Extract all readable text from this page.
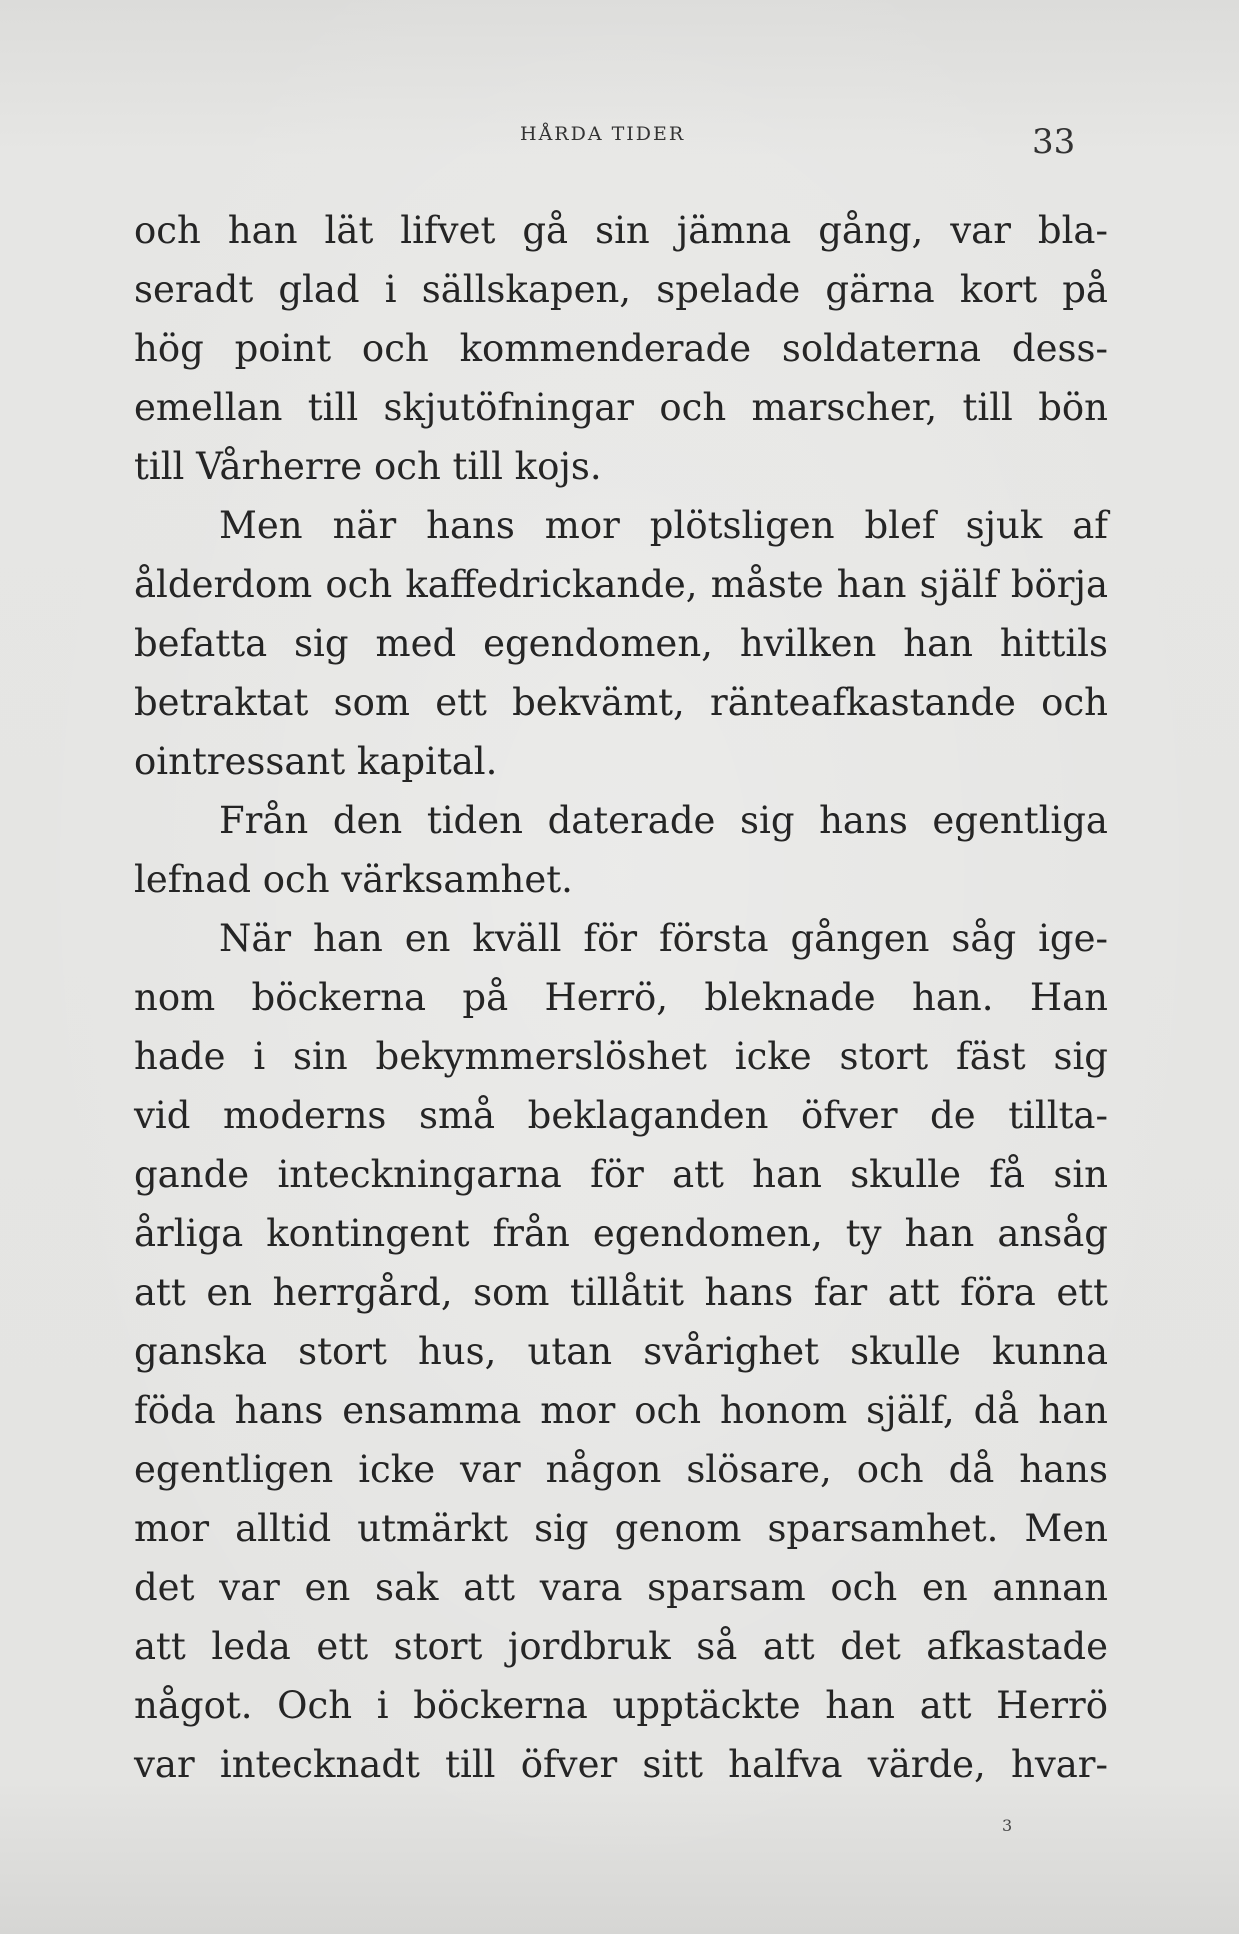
HÅRDA TIDER	33
och han lät lifvet gå sin jämna gång, var bla-
seradt glad i sällskapen, spelade gärna kort på
hög point och kommenderade soldaterna dess-
emellan till skjutöfningar och marscher, till bön
till Vårherre och till kojs.
Men när hans mor plötsligen blef sjuk af
ålderdom och kaffedrickande, måste han själf börja
befatta sig med egendomen, hvilken han hittils
betraktat som ett bekvämt, ränteafkastande och
ointressant kapital.
Från den tiden daterade sig hans egentliga
lefnad och värksamhet.
När han en kväll för första gången såg ige-
nom böckerna på Herrö, bleknade han. Han
hade i sin bekymmerslöshet icke stort fäst sig
vid moderns små beklaganden öfver de tillta-
gande inteckningarna för att han skulle få sin
årliga kontingent från egendomen, ty han ansåg
att en herrgård, som tillåtit hans far att föra ett
ganska stort hus, utan svårighet skulle kunna
föda hans ensamma mor och honom själf, då han
egentligen icke var någon slösare, och då hans
mor alltid utmärkt sig genom sparsamhet. Men
det var en sak att vara sparsam och en annan
att leda ett stort jordbruk så att det afkastade
något. Och i böckerna upptäckte han att Herrö
var intecknadt till öfver sitt halfva värde, hvar-
3
